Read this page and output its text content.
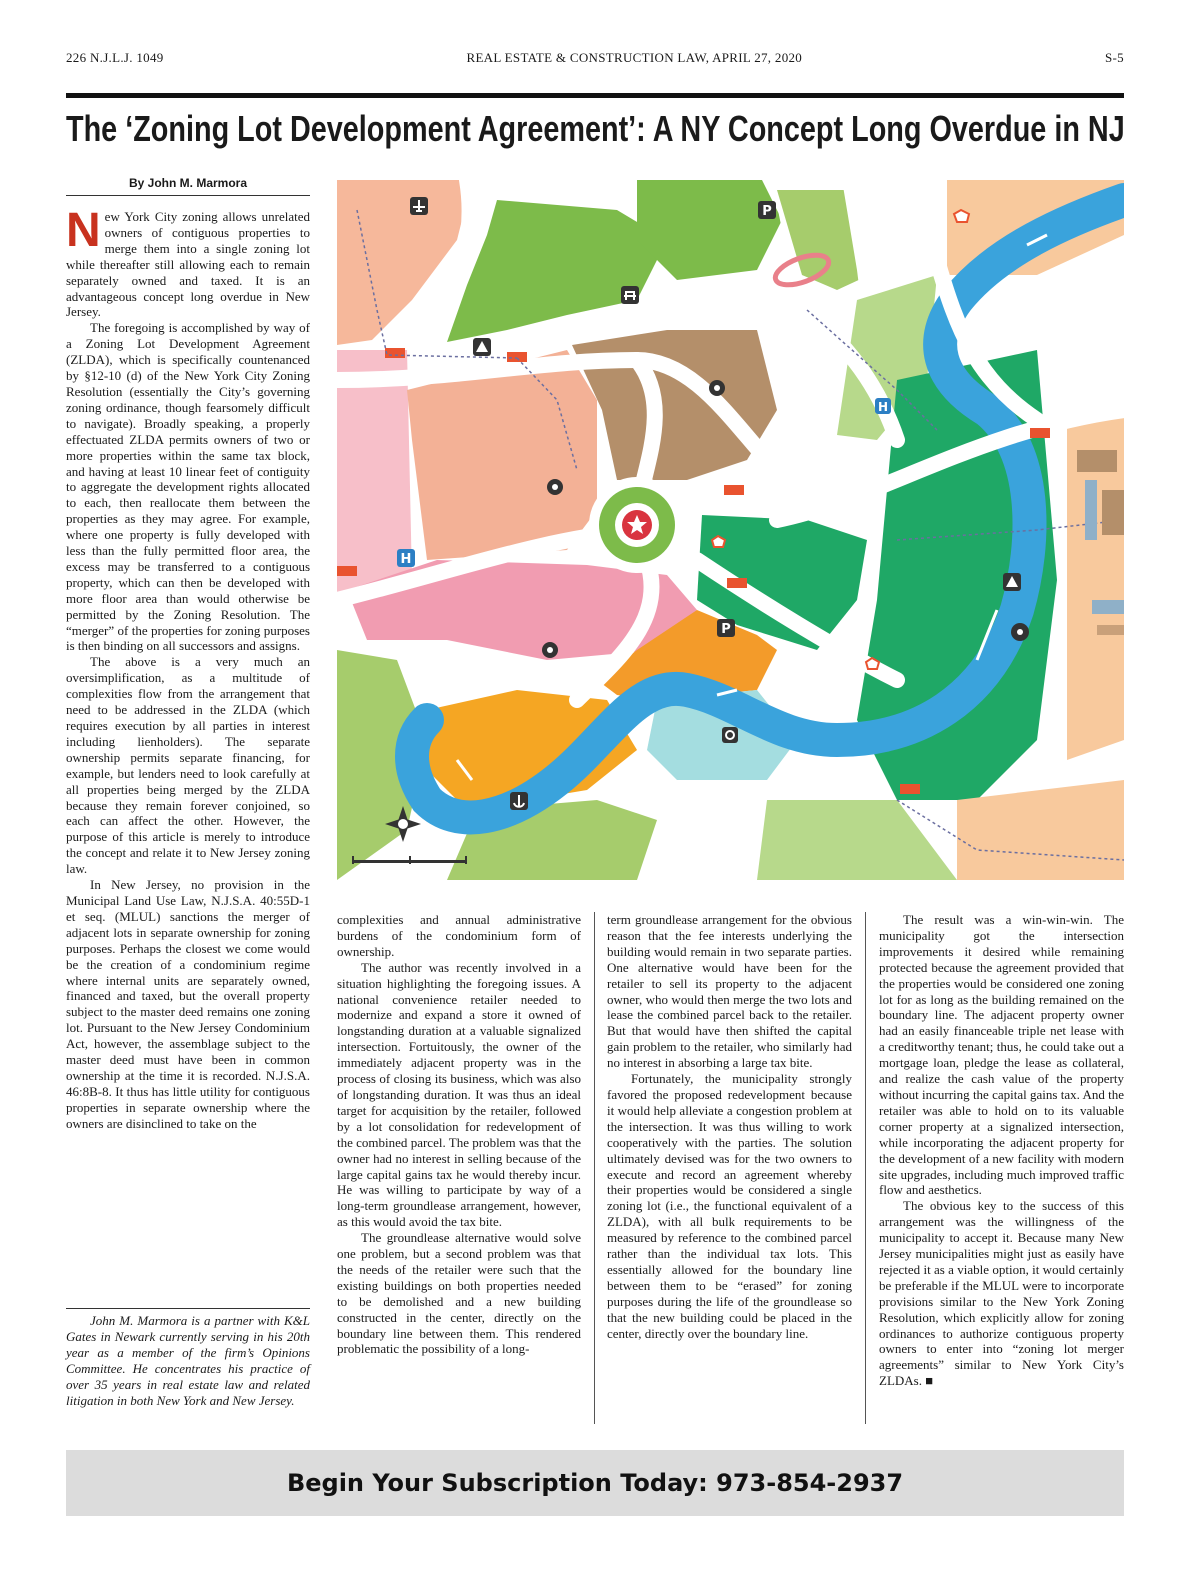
226 N.J.L.J. 1049	REAL ESTATE & CONSTRUCTION LAW, APRIL 27, 2020	S-5
The ‘Zoning Lot Development Agreement’: A NY Concept Long Overdue in NJ
By John M. Marmora

New York City zoning allows unrelated owners of contiguous properties to merge them into a single zoning lot while thereafter still allowing each to remain separately owned and taxed. It is an advantageous concept long overdue in New Jersey.

The foregoing is accomplished by way of a Zoning Lot Development Agreement (ZLDA), which is specifically countenanced by §12-10 (d) of the New York City Zoning Resolution (essentially the City’s governing zoning ordinance, though fearsomely difficult to navigate). Broadly speaking, a properly effectuated ZLDA permits owners of two or more properties within the same tax block, and having at least 10 linear feet of contiguity to aggregate the development rights allocated to each, then reallocate them between the properties as they may agree. For example, where one property is fully developed with less than the fully permitted floor area, the excess may be transferred to a contiguous property, which can then be developed with more floor area than would otherwise be permitted by the Zoning Resolution. The “merger” of the properties for zoning purposes is then binding on all successors and assigns.

The above is a very much an oversimplification, as a multitude of complexities flow from the arrangement that need to be addressed in the ZLDA (which requires execution by all parties in interest including lienholders). The separate ownership permits separate financing, for example, but lenders need to look carefully at all properties being merged by the ZLDA because they remain forever conjoined, so each can affect the other. However, the purpose of this article is merely to introduce the concept and relate it to New Jersey zoning law.

In New Jersey, no provision in the Municipal Land Use Law, N.J.S.A. 40:55D-1 et seq. (MLUL) sanctions the merger of adjacent lots in separate ownership for zoning purposes. Perhaps the closest we come would be the creation of a condominium regime where internal units are separately owned, financed and taxed, but the overall property subject to the master deed remains one zoning lot. Pursuant to the New Jersey Condominium Act, however, the assemblage subject to the master deed must have been in common ownership at the time it is recorded. N.J.S.A. 46:8B-8. It thus has little utility for contiguous properties in separate ownership where the owners are disinclined to take on the

John M. Marmora is a partner with K&L Gates in Newark currently serving in his 20th year as a member of the firm’s Opinions Committee. He concentrates his practice of over 35 years in real estate law and related litigation in both New York and New Jersey.

P
P
H
H

complexities and annual administrative burdens of the condominium form of ownership.

The author was recently involved in a situation highlighting the foregoing issues. A national convenience retailer needed to modernize and expand a store it owned of longstanding duration at a valuable signalized intersection. Fortuitously, the owner of the immediately adjacent property was in the process of closing its business, which was also of longstanding duration. It was thus an ideal target for acquisition by the retailer, followed by a lot consolidation for redevelopment of the combined parcel. The problem was that the owner had no interest in selling because of the large capital gains tax he would thereby incur. He was willing to participate by way of a long-term groundlease arrangement, however, as this would avoid the tax bite.

The groundlease alternative would solve one problem, but a second problem was that the needs of the retailer were such that the existing buildings on both properties needed to be demolished and a new building constructed in the center, directly on the boundary line between them. This rendered problematic the possibility of a long-

term groundlease arrangement for the obvious reason that the fee interests underlying the building would remain in two separate parties. One alternative would have been for the retailer to sell its property to the adjacent owner, who would then merge the two lots and lease the combined parcel back to the retailer. But that would have then shifted the capital gain problem to the retailer, who similarly had no interest in absorbing a large tax bite.

Fortunately, the municipality strongly favored the proposed redevelopment because it would help alleviate a congestion problem at the intersection. It was thus willing to work cooperatively with the parties. The solution ultimately devised was for the two owners to execute and record an agreement whereby their properties would be considered a single zoning lot (i.e., the functional equivalent of a ZLDA), with all bulk requirements to be measured by reference to the combined parcel rather than the individual tax lots. This essentially allowed for the boundary line between them to be “erased” for zoning purposes during the life of the groundlease so that the new building could be placed in the center, directly over the boundary line.

The result was a win-win-win. The municipality got the intersection improvements it desired while remaining protected because the agreement provided that the properties would be considered one zoning lot for as long as the building remained on the boundary line. The adjacent property owner had an easily financeable triple net lease with a creditworthy tenant; thus, he could take out a mortgage loan, pledge the lease as collateral, and realize the cash value of the property without incurring the capital gains tax. And the retailer was able to hold on to its valuable corner property at a signalized intersection, while incorporating the adjacent property for the development of a new facility with modern site upgrades, including much improved traffic flow and aesthetics.

The obvious key to the success of this arrangement was the willingness of the municipality to accept it. Because many New Jersey municipalities might just as easily have rejected it as a viable option, it would certainly be preferable if the MLUL were to incorporate provisions similar to the New York Zoning Resolution, which explicitly allow for zoning ordinances to authorize contiguous property owners to enter into “zoning lot merger agreements” similar to New York City’s ZLDAs. ■

Begin Your Subscription Today: 973-854-2937
